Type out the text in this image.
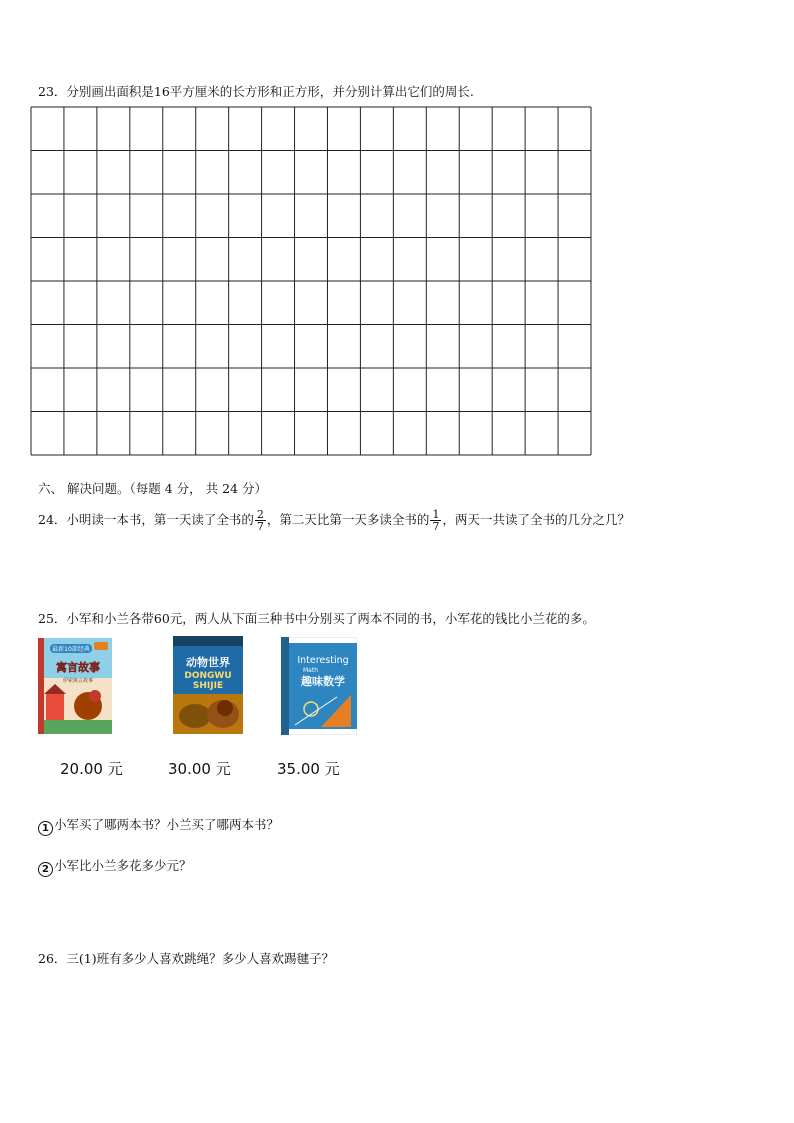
23．分别画出面积是16平方厘米的长方形和正方形，并分别计算出它们的周长.
六、 解决问题。（每题 4 分， 共 24 分）
24．小明读一本书，第一天读了全书的 $\frac{2}{7}$ ，第二天比第一天多读全书的 $\frac{1}{7}$ ，两天一共读了全书的几分之几？
25．小军和小兰各带60元，两人从下面三种书中分别买了两本不同的书，小军花的钱比小兰花的多。
最新10部经典
寓言故事
伊索寓言故事
动物世界
DONGWU
SHIJIE
Interesting
Math
趣味数学
20.00 元	30.00 元	35.00 元
1 小军买了哪两本书？小兰买了哪两本书？
2 小军比小兰多花多少元？
26．三(1)班有多少人喜欢跳绳？多少人喜欢踢毽子？
